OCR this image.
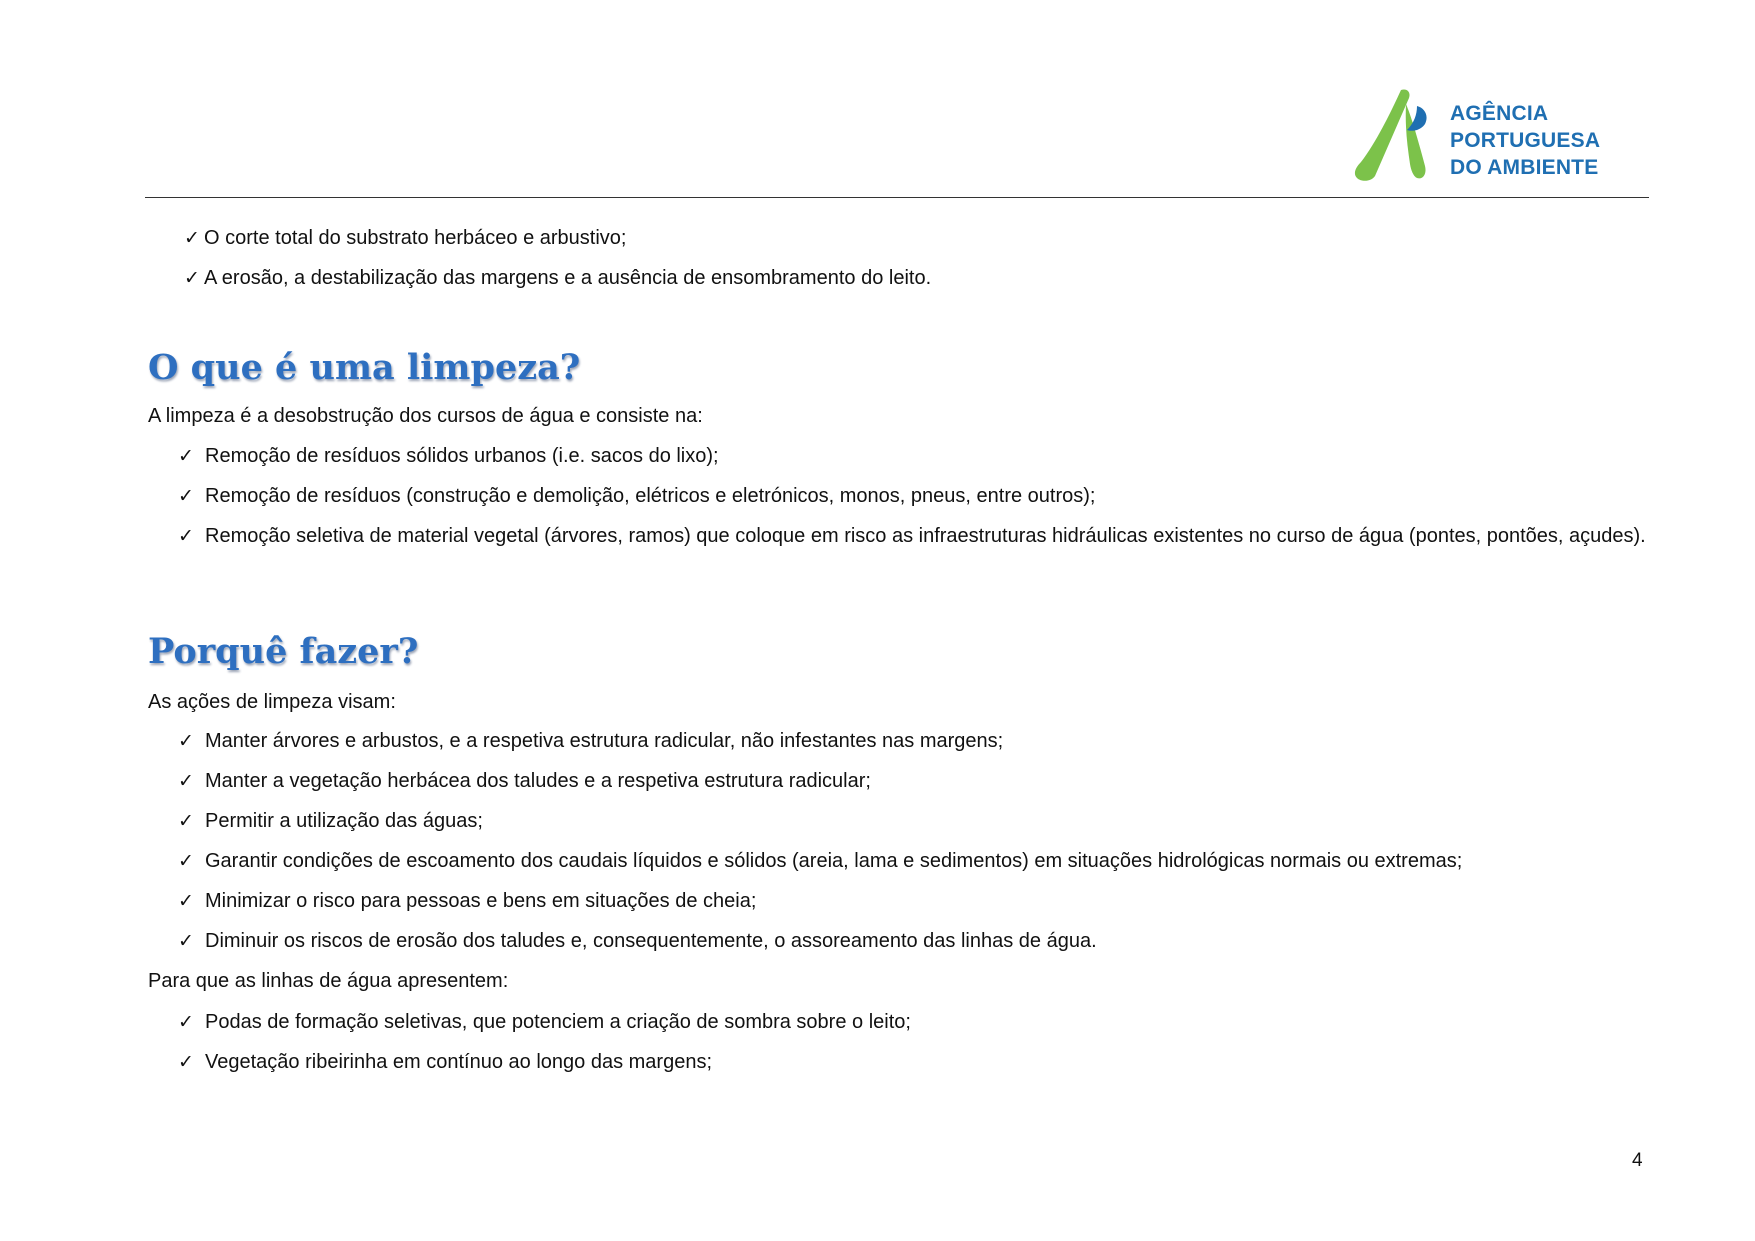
AGÊNCIA
PORTUGUESA
DO AMBIENTE
✓ O corte total do substrato herbáceo e arbustivo;
✓ A erosão, a destabilização das margens e a ausência de ensombramento do leito.
O que é uma limpeza?
A limpeza é a desobstrução dos cursos de água e consiste na:
✓ Remoção de resíduos sólidos urbanos (i.e. sacos do lixo);
✓ Remoção de resíduos (construção e demolição, elétricos e eletrónicos, monos, pneus, entre outros);
✓ Remoção seletiva de material vegetal (árvores, ramos) que coloque em risco as infraestruturas hidráulicas existentes no curso de água (pontes, pontões, açudes).
Porquê fazer?
As ações de limpeza visam:
✓ Manter árvores e arbustos, e a respetiva estrutura radicular, não infestantes nas margens;
✓ Manter a vegetação herbácea dos taludes e a respetiva estrutura radicular;
✓ Permitir a utilização das águas;
✓ Garantir condições de escoamento dos caudais líquidos e sólidos (areia, lama e sedimentos) em situações hidrológicas normais ou extremas;
✓ Minimizar o risco para pessoas e bens em situações de cheia;
✓ Diminuir os riscos de erosão dos taludes e, consequentemente, o assoreamento das linhas de água.
Para que as linhas de água apresentem:
✓ Podas de formação seletivas, que potenciem a criação de sombra sobre o leito;
✓ Vegetação ribeirinha em contínuo ao longo das margens;
4
